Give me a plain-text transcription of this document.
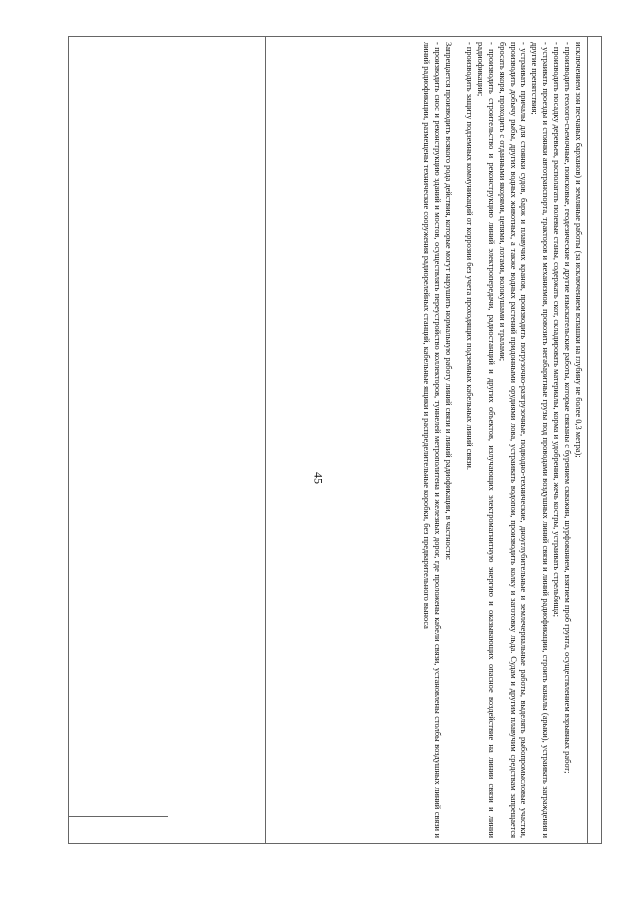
45

исключением зон песчаных барханов) и земляные работы (за исключением вспашки на глубину не более 0,3 метра);

- производить геолого-съемочные, поисковые, геодезические и другие изыскательские работы, которые связаны с бурением скважин, шурфованием, взятием проб грунта, осуществлением взрывных работ;

- производить посадку деревьев, располагать полевые станы, содержать скот, складировать материалы, корма и удобрения, жечь костры, устраивать стрельбища;

- устраивать проезды и стоянки автотранспорта, тракторов и механизмов, провозить негабаритные грузы под проводами воздушных линий связи и линий радиофикации, строить каналы (арыки), устраивать заграждения и другие препятствия;

- устраивать причалы для стоянки судов, барж и плавучих кранов, производить погрузочно-разгрузочные, подводно-технические, дноуглубительные и землечерпальные работы, выделять рыбопромысловые участки, производить добычу рыбы, других водных животных, а также водных растений придонными орудиями лова, устраивать водопои, производить колку и заготовку льда. Судам и другим плавучим средствам запрещается бросать якоря, проходить с отданными якорями, цепями, лотами, волокушами и тралами;

- производить строительство и реконструкцию линий электропередачи, радиостанций и других объектов, излучающих электромагнитную энергию и оказывающих опасное воздействие на линии связи и линии радиофикации;

- производить защиту подземных коммуникаций от коррозии без учета проходящих подземных кабельных линий связи.

Запрещается производить всякого рода действия, которые могут нарушить нормальную работу линий связи и линий радиофикации, в частности:

- производить снос и реконструкцию зданий и мостов, осуществлять переустройство коллекторов, туннелей метрополитена и железных дорог, где проложены кабели связи, установлены столбы воздушных линий связи и линий радиофикации, размещены технические сооружения радиорелейных станций, кабельные ящики и распределительные коробки, без предварительного выноса
